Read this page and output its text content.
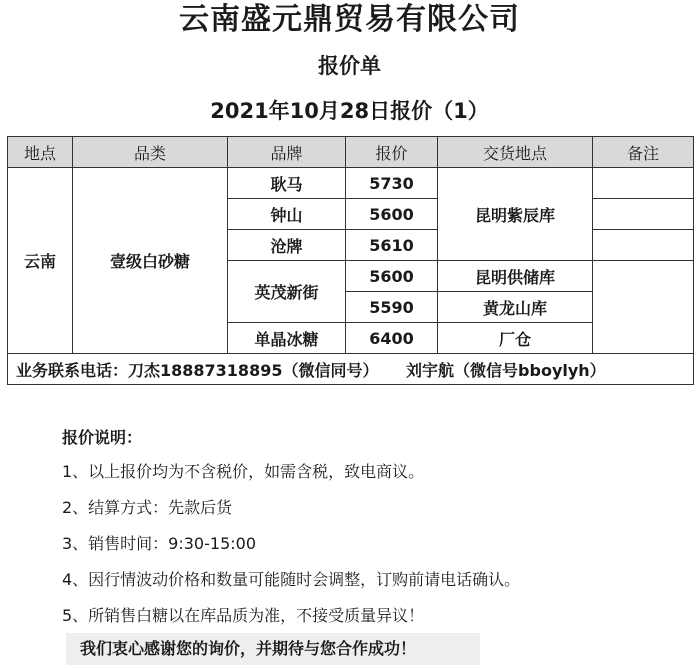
云南盛元鼎贸易有限公司
报价单
2021年10月28日报价（1）
地点	品类	品牌	报价	交货地点	备注
云南	壹级白砂糖	耿马	5730	昆明紫辰库	
		钟山	5600		
		沧牌	5610		
		英茂新街	5600	昆明供储库	
			5590	黄龙山库	
		单晶冰糖	6400	厂仓	
业务联系电话：刀杰18887318895（微信同号） 刘宇航（微信号bboylyh）					
报价说明：
1、以上报价均为不含税价，如需含税，致电商议。
2、结算方式：先款后货
3、销售时间：9:30-15:00
4、因行情波动价格和数量可能随时会调整，订购前请电话确认。
5、所销售白糖以在库品质为准，不接受质量异议！
我们衷心感谢您的询价，并期待与您合作成功！
